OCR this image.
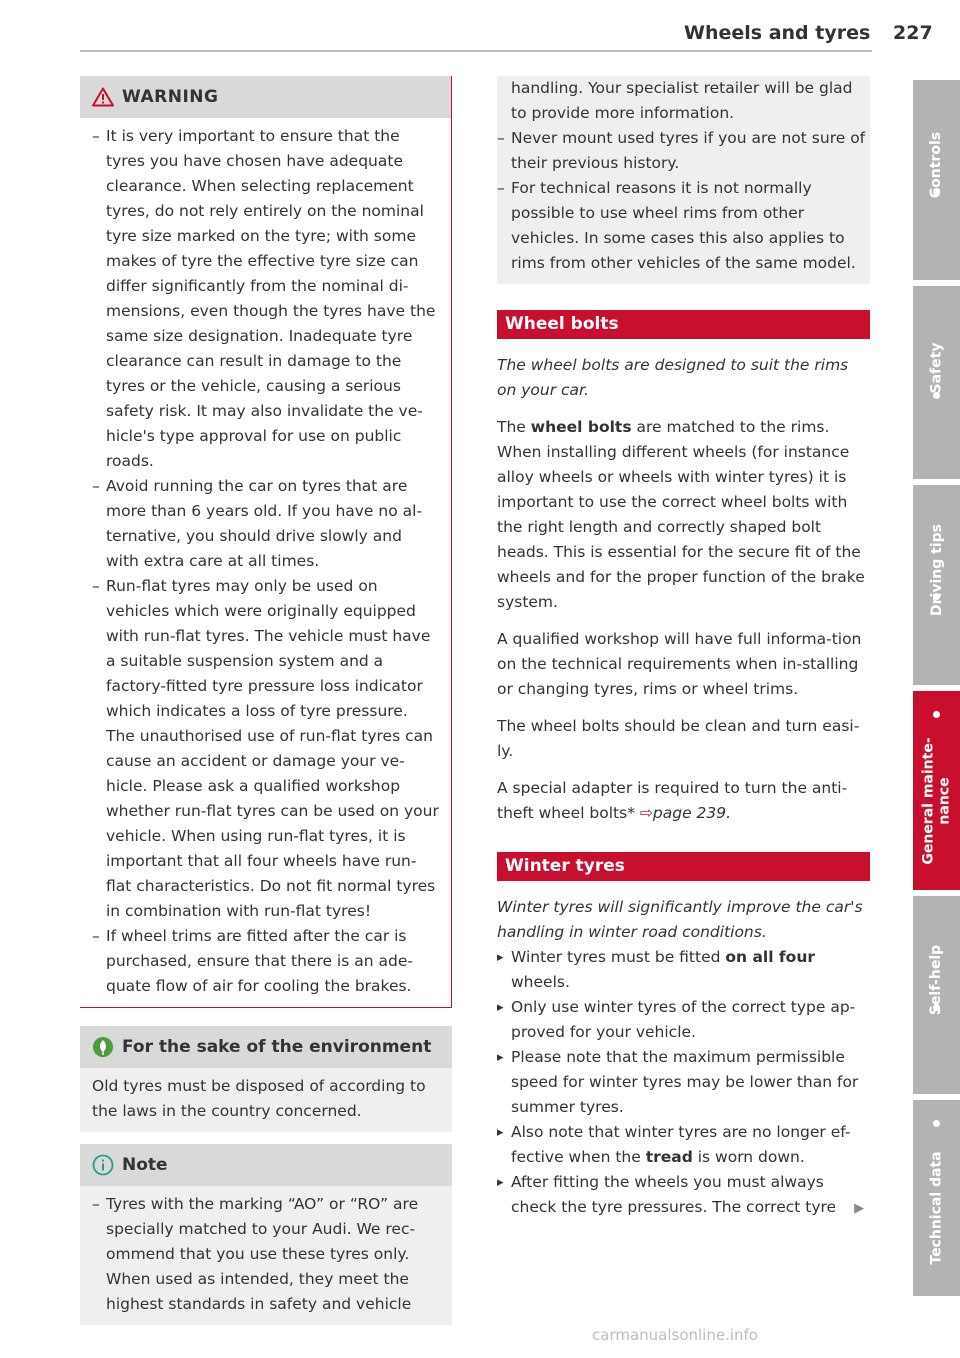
Wheels and tyres 227
WARNING
– It is very important to ensure that the tyres you have chosen have adequate clearance. When selecting replacement tyres, do not rely entirely on the nominal tyre size marked on the tyre; with some makes of tyre the effective tyre size can differ significantly from the nominal di-mensions, even though the tyres have the same size designation. Inadequate tyre clearance can result in damage to the tyres or the vehicle, causing a serious safety risk. It may also invalidate the ve-hicle's type approval for use on public roads.
– Avoid running the car on tyres that are more than 6 years old. If you have no al-ternative, you should drive slowly and with extra care at all times.
– Run-flat tyres may only be used on vehicles which were originally equipped with run-flat tyres. The vehicle must have a suitable suspension system and a factory-fitted tyre pressure loss indicator which indicates a loss of tyre pressure. The unauthorised use of run-flat tyres can cause an accident or damage your ve-hicle. Please ask a qualified workshop whether run-flat tyres can be used on your vehicle. When using run-flat tyres, it is important that all four wheels have run-flat characteristics. Do not fit normal tyres in combination with run-flat tyres!
– If wheel trims are fitted after the car is purchased, ensure that there is an ade-quate flow of air for cooling the brakes.
For the sake of the environment

Old tyres must be disposed of according to the laws in the country concerned.

Note
– Tyres with the marking “AO” or “RO” are specially matched to your Audi. We rec-ommend that you use these tyres only. When used as intended, they meet the highest standards in safety and vehicle
handling. Your specialist retailer will be glad to provide more information.
– Never mount used tyres if you are not sure of their previous history.
– For technical reasons it is not normally possible to use wheel rims from other vehicles. In some cases this also applies to rims from other vehicles of the same model.
Wheel bolts

The wheel bolts are designed to suit the rims on your car.

The wheel bolts are matched to the rims. When installing different wheels (for instance alloy wheels or wheels with winter tyres) it is important to use the correct wheel bolts with the right length and correctly shaped bolt heads. This is essential for the secure fit of the wheels and for the proper function of the brake system.

A qualified workshop will have full informa-tion on the technical requirements when in-stalling or changing tyres, rims or wheel trims.

The wheel bolts should be clean and turn easi-ly.

A special adapter is required to turn the anti-theft wheel bolts* ⇨page 239.

Winter tyres

Winter tyres will significantly improve the car's handling in winter road conditions.

▸ Winter tyres must be fitted on all four wheels.
▸ Only use winter tyres of the correct type ap-proved for your vehicle.
▸ Please note that the maximum permissible speed for winter tyres may be lower than for summer tyres.
▸ Also note that winter tyres are no longer ef-fective when the tread is worn down.
▸ After fitting the wheels you must always check the tyre pressures. The correct tyre ▶
Controls
Safety
Driving tips
General mainte- nance
Self-help
Technical data
carmanualsonline.info
